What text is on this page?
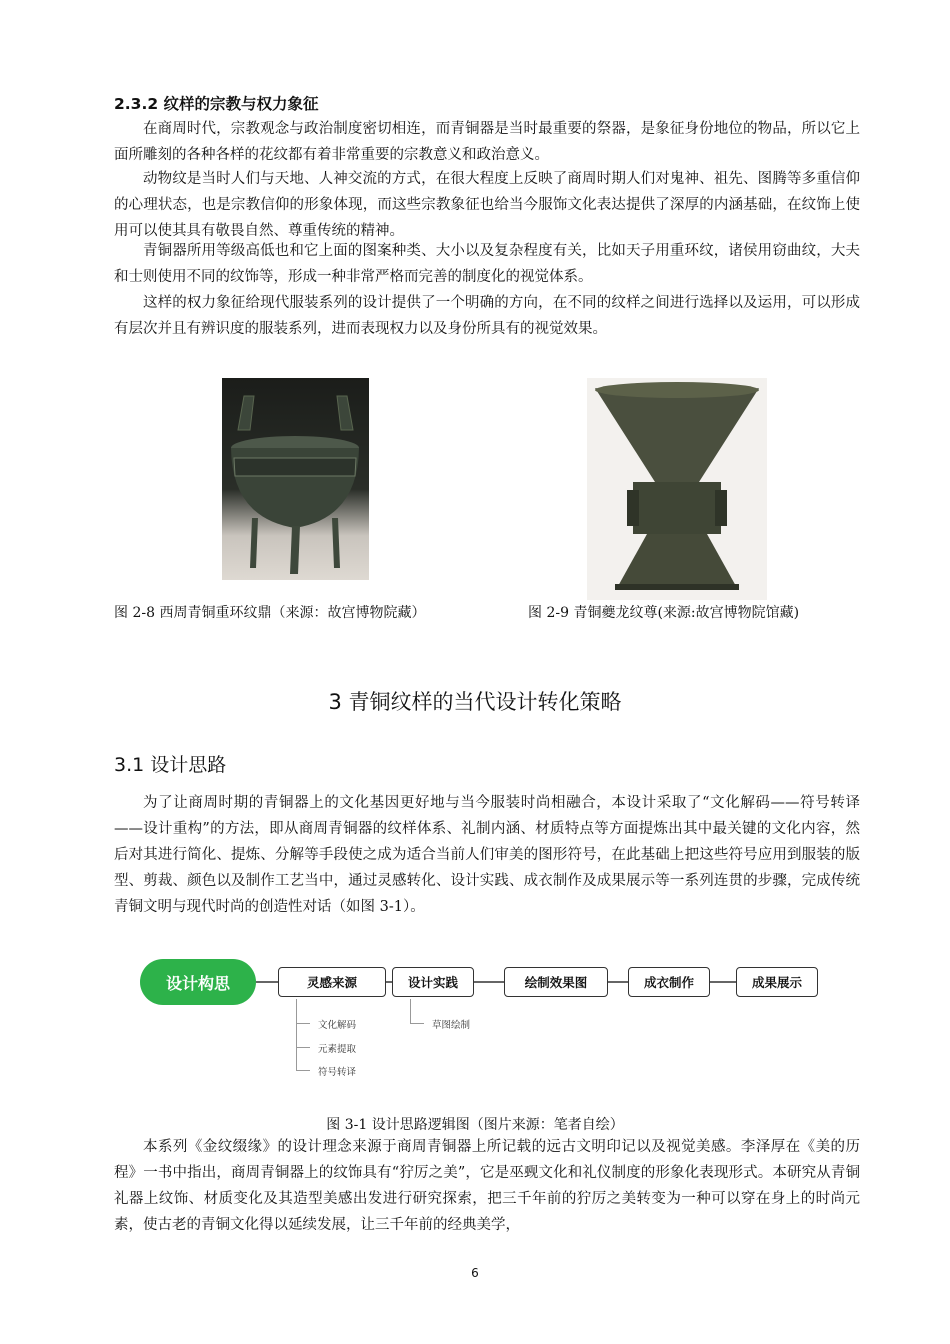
2.3.2 纹样的宗教与权力象征

在商周时代，宗教观念与政治制度密切相连，而青铜器是当时最重要的祭器，是象征身份地位的物品，所以它上面所雕刻的各种各样的花纹都有着非常重要的宗教意义和政治意义。

动物纹是当时人们与天地、人神交流的方式，在很大程度上反映了商周时期人们对鬼神、祖先、图腾等多重信仰的心理状态，也是宗教信仰的形象体现，而这些宗教象征也给当今服饰文化表达提供了深厚的内涵基础，在纹饰上使用可以使其具有敬畏自然、尊重传统的精神。

青铜器所用等级高低也和它上面的图案种类、大小以及复杂程度有关，比如天子用重环纹，诸侯用窃曲纹，大夫和士则使用不同的纹饰等，形成一种非常严格而完善的制度化的视觉体系。

这样的权力象征给现代服装系列的设计提供了一个明确的方向，在不同的纹样之间进行选择以及运用，可以形成有层次并且有辨识度的服装系列，进而表现权力以及身份所具有的视觉效果。

图 2-8 西周青铜重环纹鼎（来源：故宫博物院藏）	图 2-9 青铜夔龙纹尊(来源:故宫博物院馆藏)
3 青铜纹样的当代设计转化策略
3.1 设计思路

为了让商周时期的青铜器上的文化基因更好地与当今服装时尚相融合，本设计采取了“文化解码——符号转译——设计重构”的方法，即从商周青铜器的纹样体系、礼制内涵、材质特点等方面提炼出其中最关键的文化内容，然后对其进行简化、提炼、分解等手段使之成为适合当前人们审美的图形符号，在此基础上把这些符号应用到服装的版型、剪裁、颜色以及制作工艺当中，通过灵感转化、设计实践、成衣制作及成果展示等一系列连贯的步骤，完成传统青铜文明与现代时尚的创造性对话（如图 3-1）。

设计构思	灵感来源	设计实践	绘制效果图	成衣制作	成果展示
文化解码
元素提取
符号转译
草图绘制
图 3-1 设计思路逻辑图（图片来源：笔者自绘）

本系列《金纹缀缘》的设计理念来源于商周青铜器上所记载的远古文明印记以及视觉美感。李泽厚在《美的历程》一书中指出，商周青铜器上的纹饰具有“狞厉之美”，它是巫觋文化和礼仪制度的形象化表现形式。本研究从青铜礼器上纹饰、材质变化及其造型美感出发进行研究探索，把三千年前的狞厉之美转变为一种可以穿在身上的时尚元素，使古老的青铜文化得以延续发展，让三千年前的经典美学，

6
